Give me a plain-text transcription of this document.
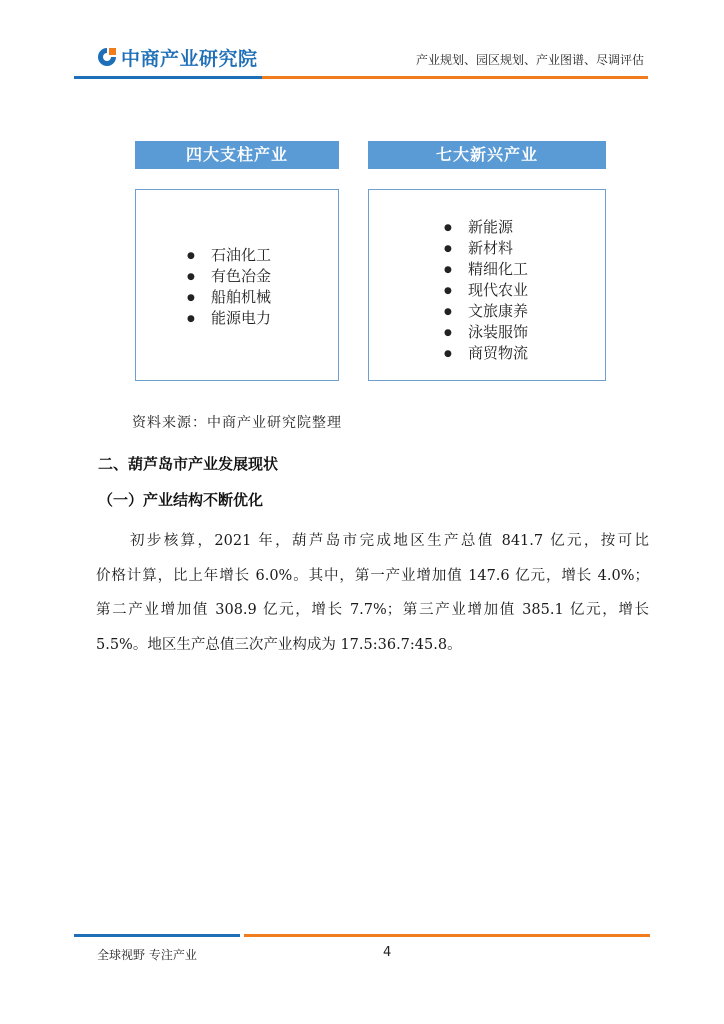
中商产业研究院	产业规划、园区规划、产业图谱、尽调评估
四大支柱产业	七大新兴产业
● 石油化工
● 有色冶金
● 船舶机械
● 能源电力
● 新能源
● 新材料
● 精细化工
● 现代农业
● 文旅康养
● 泳装服饰
● 商贸物流
资料来源：中商产业研究院整理
二、葫芦岛市产业发展现状
（一）产业结构不断优化
初步核算，2021 年，葫芦岛市完成地区生产总值 841.7 亿元，按可比
价格计算，比上年增长 6.0%。其中，第一产业增加值 147.6 亿元，增长 4.0%；
第二产业增加值 308.9 亿元，增长 7.7%；第三产业增加值 385.1 亿元，增长
5.5%。地区生产总值三次产业构成为 17.5:36.7:45.8。
全球视野 专注产业	4
